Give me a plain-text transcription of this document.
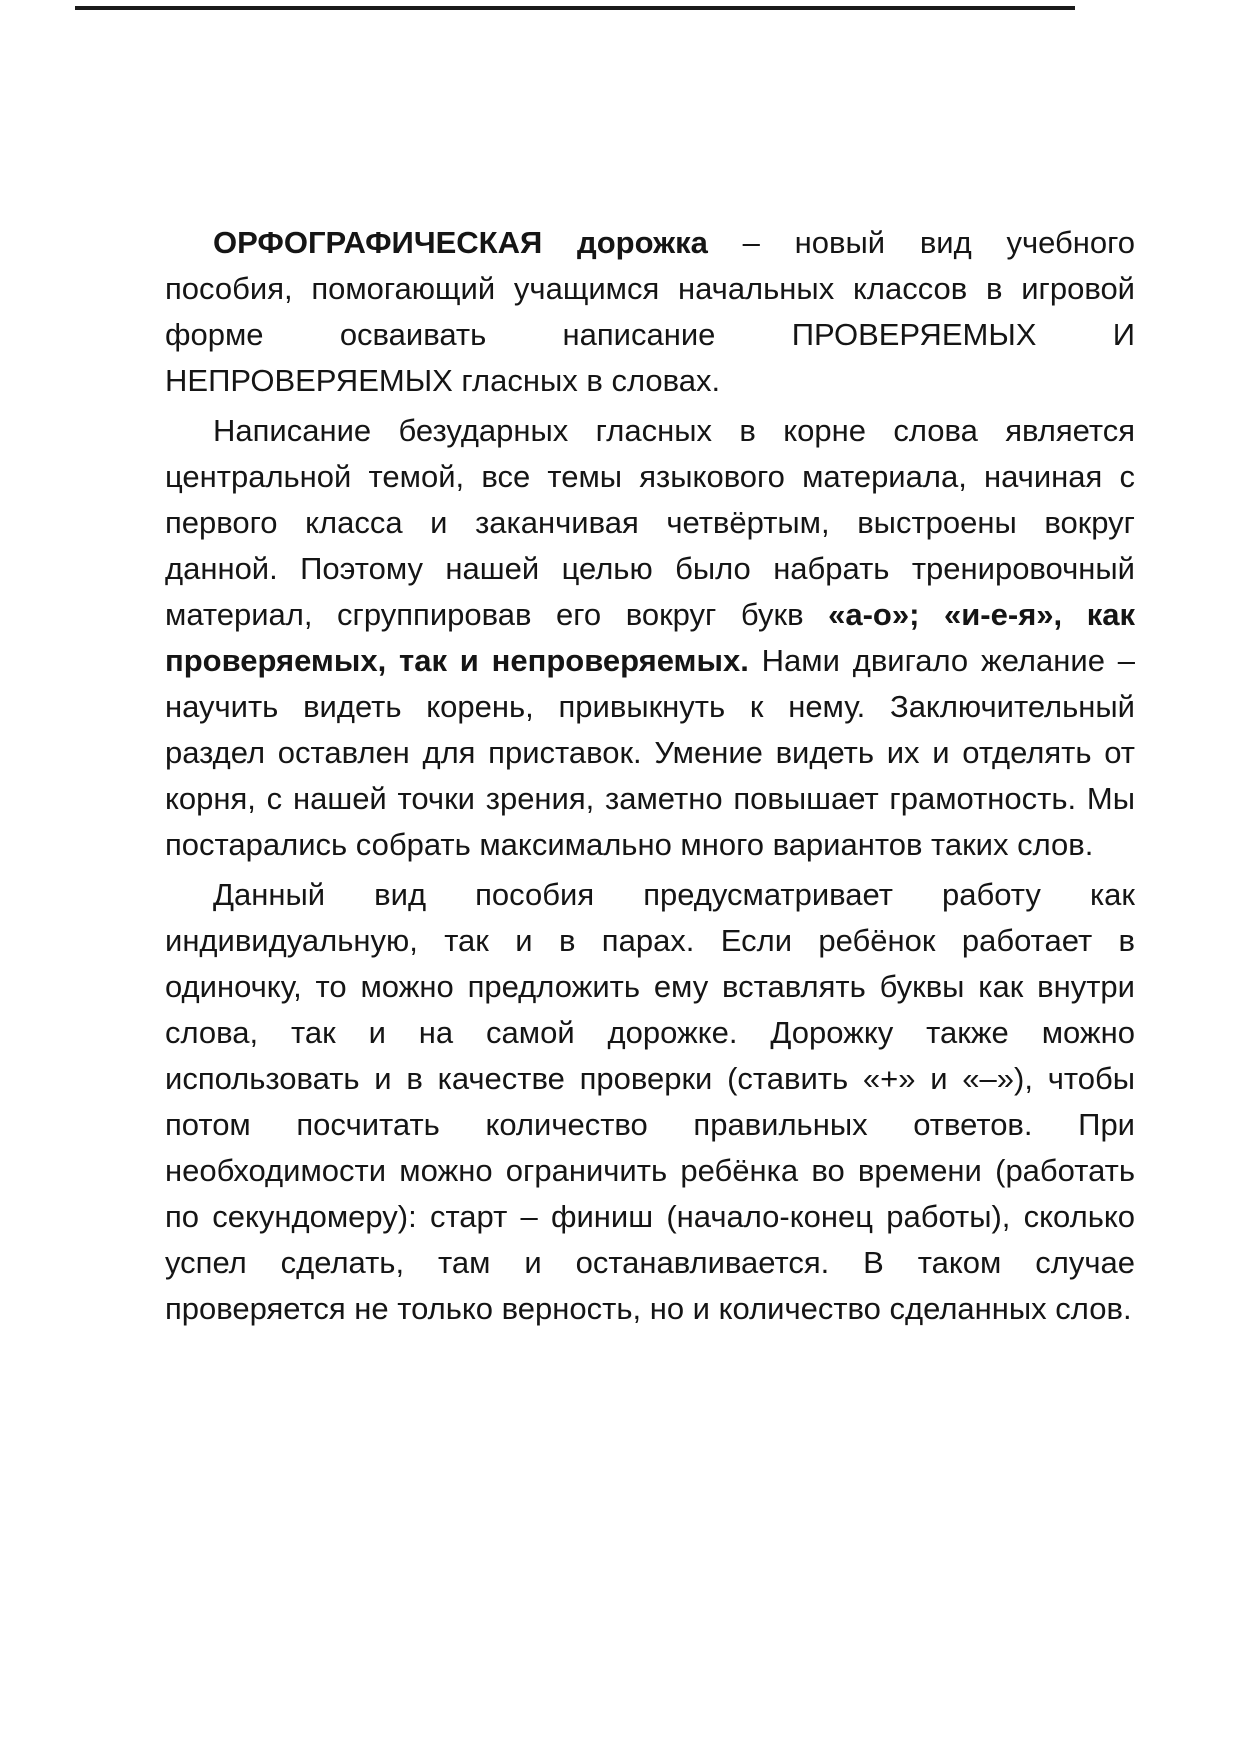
ОРФОГРАФИЧЕСКАЯ дорожка – новый вид учебного пособия, помогающий учащимся начальных классов в игровой форме осваивать написание ПРОВЕРЯЕМЫХ И НЕПРОВЕРЯЕМЫХ гласных в словах.

Написание безударных гласных в корне слова является центральной темой, все темы языкового материала, начиная с первого класса и заканчивая четвёртым, выстроены вокруг данной. Поэтому нашей целью было набрать тренировочный материал, сгруппировав его вокруг букв «а-о»; «и-е-я», как проверяемых, так и непроверяемых. Нами двигало желание – научить видеть корень, привыкнуть к нему. Заключительный раздел оставлен для приставок. Умение видеть их и отделять от корня, с нашей точки зрения, заметно повышает грамотность. Мы постарались собрать максимально много вариантов таких слов.

Данный вид пособия предусматривает работу как индивидуальную, так и в парах. Если ребёнок работает в одиночку, то можно предложить ему вставлять буквы как внутри слова, так и на самой дорожке. Дорожку также можно использовать и в качестве проверки (ставить «+» и «–»), чтобы потом посчитать количество правильных ответов. При необходимости можно ограничить ребёнка во времени (работать по секундомеру): старт – финиш (начало-конец работы), сколько успел сделать, там и останавливается. В таком случае проверяется не только верность, но и количество сделанных слов.
